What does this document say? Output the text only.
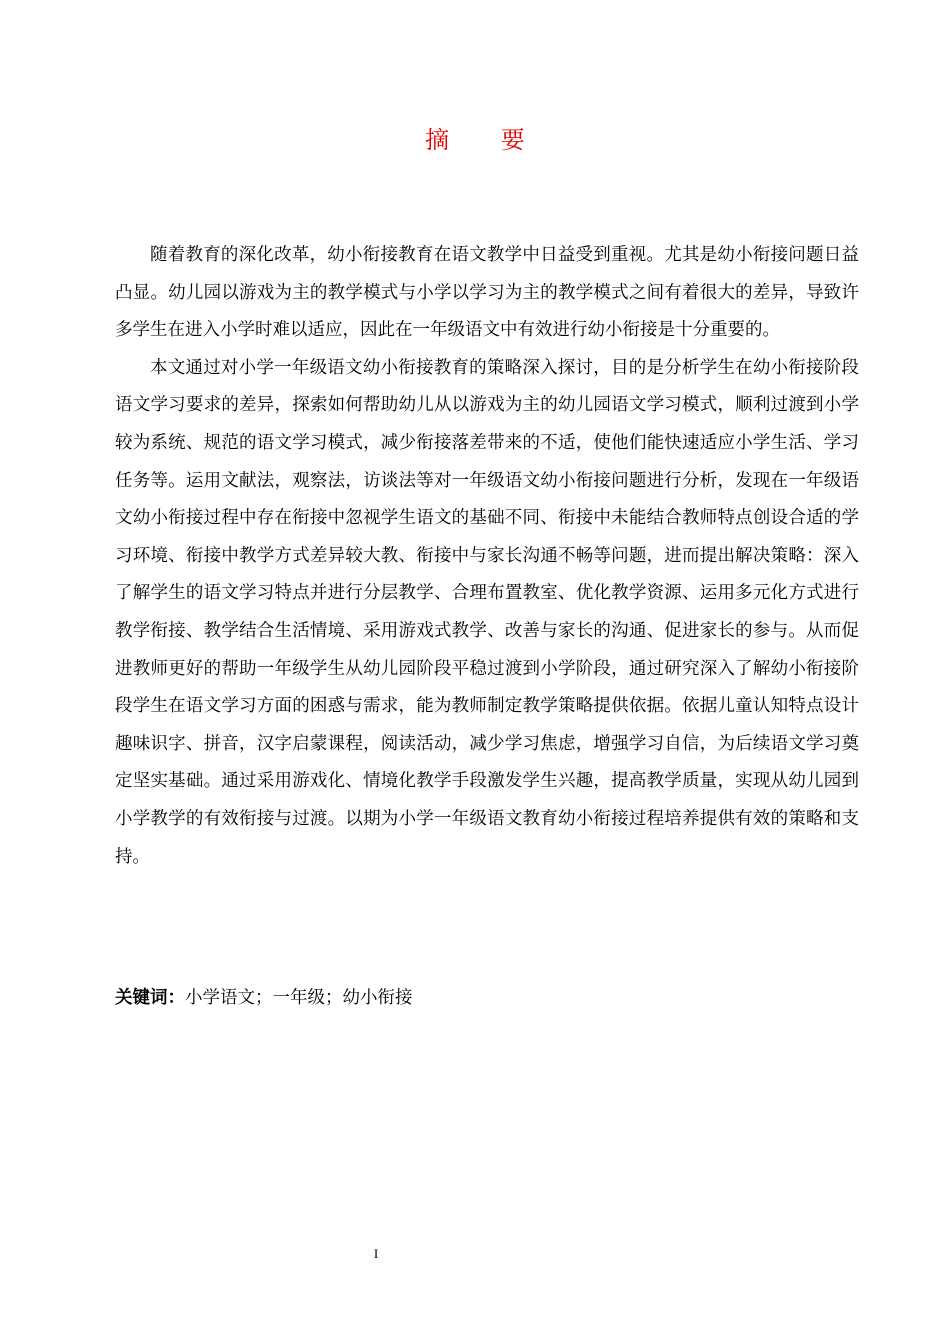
摘 要

随着教育的深化改革，幼小衔接教育在语文教学中日益受到重视。尤其是幼小衔接问题日益凸显。幼儿园以游戏为主的教学模式与小学以学习为主的教学模式之间有着很大的差异，导致许多学生在进入小学时难以适应，因此在一年级语文中有效进行幼小衔接是十分重要的。

本文通过对小学一年级语文幼小衔接教育的策略深入探讨，目的是分析学生在幼小衔接阶段语文学习要求的差异，探索如何帮助幼儿从以游戏为主的幼儿园语文学习模式，顺利过渡到小学较为系统、规范的语文学习模式，减少衔接落差带来的不适，使他们能快速适应小学生活、学习任务等。运用文献法，观察法，访谈法等对一年级语文幼小衔接问题进行分析，发现在一年级语文幼小衔接过程中存在衔接中忽视学生语文的基础不同、衔接中未能结合教师特点创设合适的学习环境、衔接中教学方式差异较大教、衔接中与家长沟通不畅等问题，进而提出解决策略：深入了解学生的语文学习特点并进行分层教学、合理布置教室、优化教学资源、运用多元化方式进行教学衔接、教学结合生活情境、采用游戏式教学、改善与家长的沟通、促进家长的参与。从而促进教师更好的帮助一年级学生从幼儿园阶段平稳过渡到小学阶段，通过研究深入了解幼小衔接阶段学生在语文学习方面的困惑与需求，能为教师制定教学策略提供依据。依据儿童认知特点设计趣味识字、拼音，汉字启蒙课程，阅读活动，减少学习焦虑，增强学习自信，为后续语文学习奠定坚实基础。通过采用游戏化、情境化教学手段激发学生兴趣，提高教学质量，实现从幼儿园到小学教学的有效衔接与过渡。以期为小学一年级语文教育幼小衔接过程培养提供有效的策略和支持。

关键词：小学语文；一年级；幼小衔接
I
